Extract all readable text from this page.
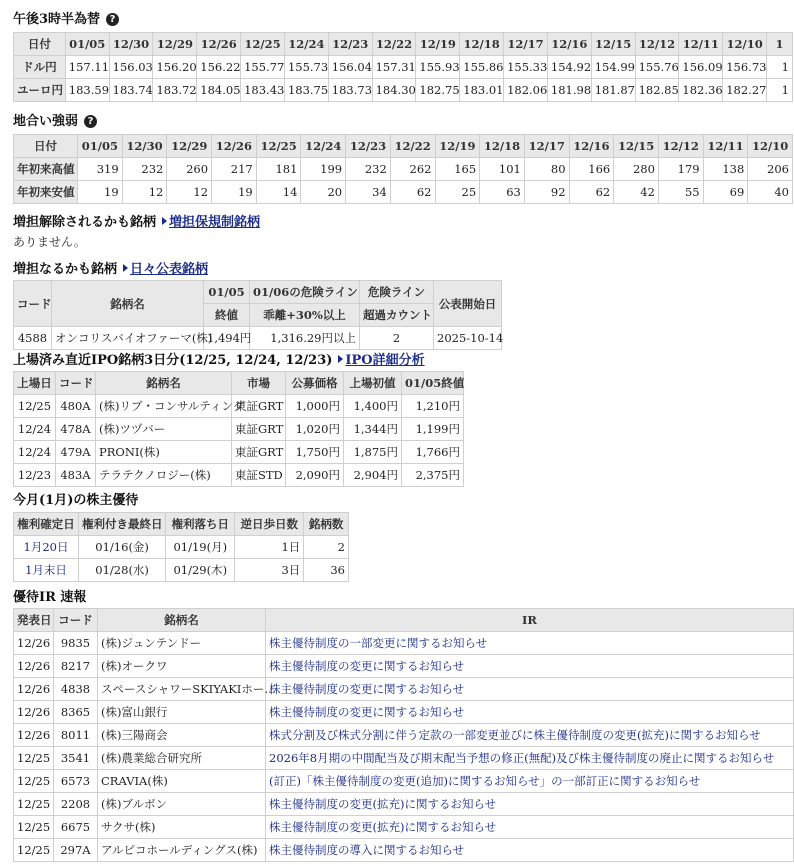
午後3時半為替 ?
日付	01/05	12/30	12/29	12/26	12/25	12/24	12/23	12/22	12/19	12/18	12/17	12/16	12/15	12/12	12/11	12/10	1
ドル円	157.11	156.03	156.20	156.22	155.77	155.73	156.04	157.31	155.93	155.86	155.33	154.92	154.99	155.76	156.09	156.73	1
ユーロ円	183.59	183.74	183.72	184.05	183.43	183.75	183.73	184.30	182.75	183.01	182.06	181.98	181.87	182.85	182.36	182.27	1
地合い強弱 ?
日付	01/05	12/30	12/29	12/26	12/25	12/24	12/23	12/22	12/19	12/18	12/17	12/16	12/15	12/12	12/11	12/10
年初来高値	319	232	260	217	181	199	232	262	165	101	80	166	280	179	138	206
年初来安値	19	12	12	19	14	20	34	62	25	63	92	62	42	55	69	40
増担解除されるかも銘柄 増担保規制銘柄
ありません。
増担なるかも銘柄 日々公表銘柄
コード	銘柄名	01/05	01/06の危険ライン	危険ライン	公表開始日
		終値	乖離+30%以上	超過カウント	
4588	オンコリスバイオファーマ(株)	1,494円	1,316.29円以上	2	2025-10-14
上場済み直近IPO銘柄3日分(12/25, 12/24, 12/23) IPO詳細分析
上場日	コード	銘柄名	市場	公募価格	上場初値	01/05終値
12/25	480A	(株)リブ・コンサルティング	東証GRT	1,000円	1,400円	1,210円
12/24	478A	(株)ツヅバー	東証GRT	1,020円	1,344円	1,199円
12/24	479A	PRONI(株)	東証GRT	1,750円	1,875円	1,766円
12/23	483A	テラテクノロジー(株)	東証STD	2,090円	2,904円	2,375円
今月(1月)の株主優待
権利確定日	権利付き最終日	権利落ち日	逆日歩日数	銘柄数
1月20日	01/16(金)	01/19(月)	1日	2
1月末日	01/28(水)	01/29(木)	3日	36
優待IR 速報
発表日	コード	銘柄名	IR
12/26	9835	(株)ジュンテンドー	株主優待制度の一部変更に関するお知らせ
12/26	8217	(株)オークワ	株主優待制度の変更に関するお知らせ
12/26	4838	スペースシャワーSKIYAKIホー…	株主優待制度の変更に関するお知らせ
12/26	8365	(株)富山銀行	株主優待制度の変更に関するお知らせ
12/26	8011	(株)三陽商会	株式分割及び株式分割に伴う定款の一部変更並びに株主優待制度の変更(拡充)に関するお知らせ
12/25	3541	(株)農業総合研究所	2026年8月期の中間配当及び期末配当予想の修正(無配)及び株主優待制度の廃止に関するお知らせ
12/25	6573	CRAVIA(株)	(訂正)「株主優待制度の変更(追加)に関するお知らせ」の一部訂正に関するお知らせ
12/25	2208	(株)ブルボン	株主優待制度の変更(拡充)に関するお知らせ
12/25	6675	サクサ(株)	株主優待制度の変更(拡充)に関するお知らせ
12/25	297A	アルピコホールディングス(株)	株主優待制度の導入に関するお知らせ
